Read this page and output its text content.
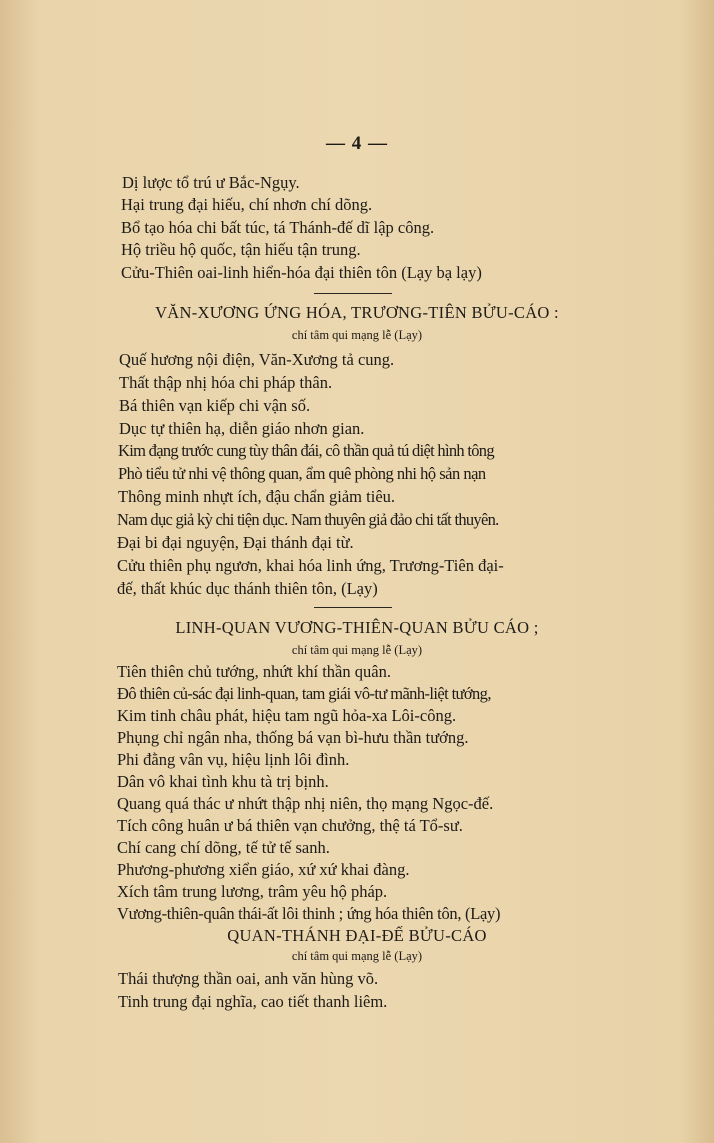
— 4 —
Dị lược tổ trú ư Bắc-Ngụy.
Hại trung đại hiếu, chí nhơn chí dõng.
Bổ tạo hóa chi bất túc, tá Thánh-đế dĩ lập công.
Hộ triều hộ quốc, tận hiếu tận trung.
Cửu-Thiên oai-linh hiển-hóa đại thiên tôn (Lạy bạ lạy)
VĂN-XƯƠNG ỨNG HÓA, TRƯƠNG-TIÊN BỬU-CÁO :
chí tâm qui mạng lễ (Lạy)
Quế hương nội điện, Văn-Xương tả cung.
Thất thập nhị hóa chi pháp thân.
Bá thiên vạn kiếp chi vận số.
Dục tự thiên hạ, diễn giáo nhơn gian.
Kim đạng trước cung tùy thân đái, cô thần quả tú diệt hình tông
Phò tiểu tử nhi vệ thông quan, ẩm quê phòng nhi hộ sản nạn
Thông minh nhựt ích, đậu chẩn giảm tiêu.
Nam dục giả kỳ chi tiện dục. Nam thuyên giả đảo chi tất thuyên.
Đại bi đại nguyện, Đại thánh đại từ.
Cửu thiên phụ ngươn, khai hóa linh ứng, Trương-Tiên đại-
đế, thất khúc dục thánh thiên tôn, (Lạy)
LINH-QUAN VƯƠNG-THIÊN-QUAN BỬU CÁO ;
chí tâm qui mạng lễ (Lạy)
Tiên thiên chủ tướng, nhứt khí thần quân.
Đô thiên củ-sác đại linh-quan, tam giái vô-tư mãnh-liệt tướng,
Kim tinh châu phát, hiệu tam ngũ hỏa-xa Lôi-công.
Phụng chỉ ngân nha, thống bá vạn bì-hưu thần tướng.
Phi đằng vân vụ, hiệu lịnh lôi đình.
Dân vô khai tình khu tà trị bịnh.
Quang quá thác ư nhứt thập nhị niên, thọ mạng Ngọc-đế.
Tích công huân ư bá thiên vạn chưởng, thệ tá Tổ-sư.
Chí cang chí dõng, tế tử tế sanh.
Phương-phương xiển giáo, xứ xứ khai đàng.
Xích tâm trung lương, trâm yêu hộ pháp.
Vương-thiên-quân thái-ất lôi thinh ; ứng hóa thiên tôn, (Lạy)
QUAN-THÁNH ĐẠI-ĐẾ BỬU-CÁO
chí tâm qui mạng lễ (Lạy)
Thái thượng thần oai, anh văn hùng võ.
Tinh trung đại nghĩa, cao tiết thanh liêm.
